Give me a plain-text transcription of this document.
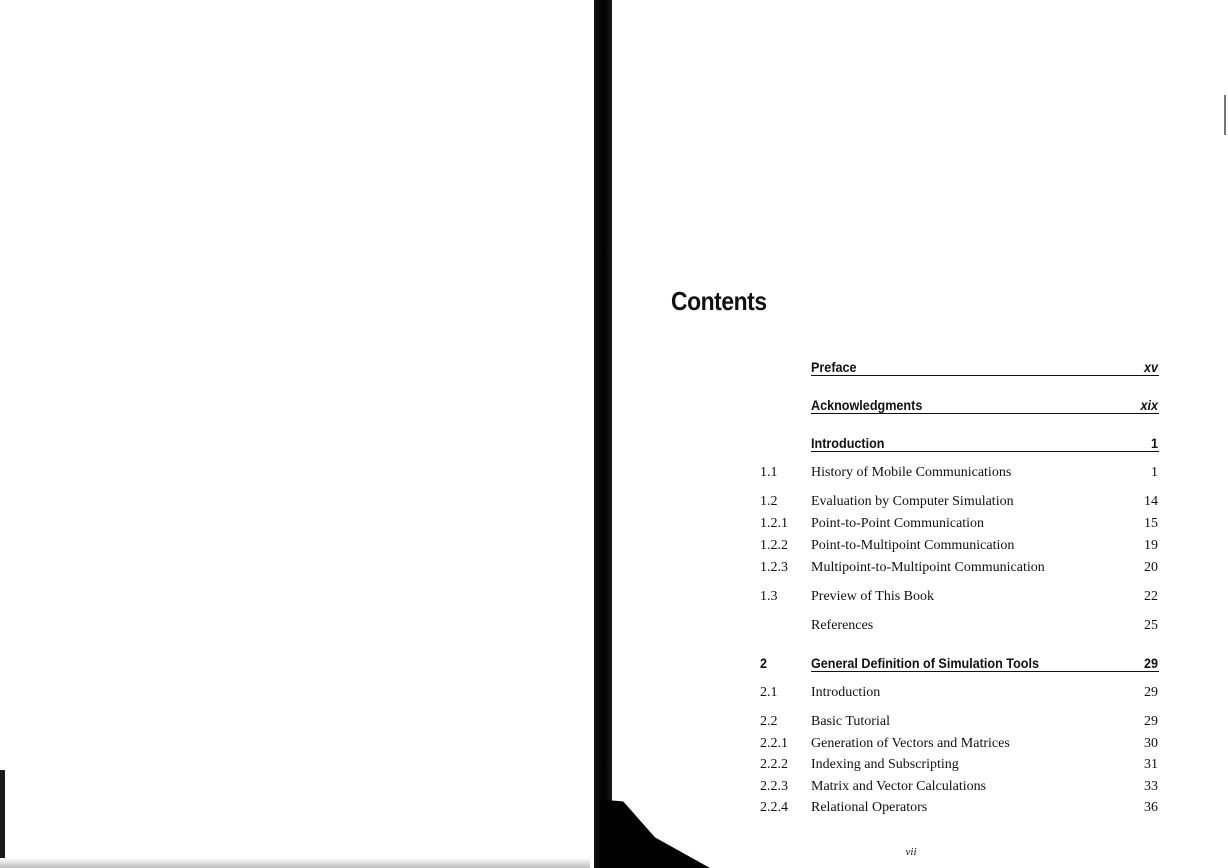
Contents
Preface	xv
Acknowledgments	xix
Introduction	1
1.1 History of Mobile Communications	1
1.2 Evaluation by Computer Simulation	14
1.2.1 Point-to-Point Communication	15
1.2.2 Point-to-Multipoint Communication	19
1.2.3 Multipoint-to-Multipoint Communication	20
1.3 Preview of This Book	22
References	25
2	General Definition of Simulation Tools	29
2.1 Introduction	29
2.2 Basic Tutorial	29
2.2.1 Generation of Vectors and Matrices	30
2.2.2 Indexing and Subscripting	31
2.2.3 Matrix and Vector Calculations	33
2.2.4 Relational Operators	36
vii
